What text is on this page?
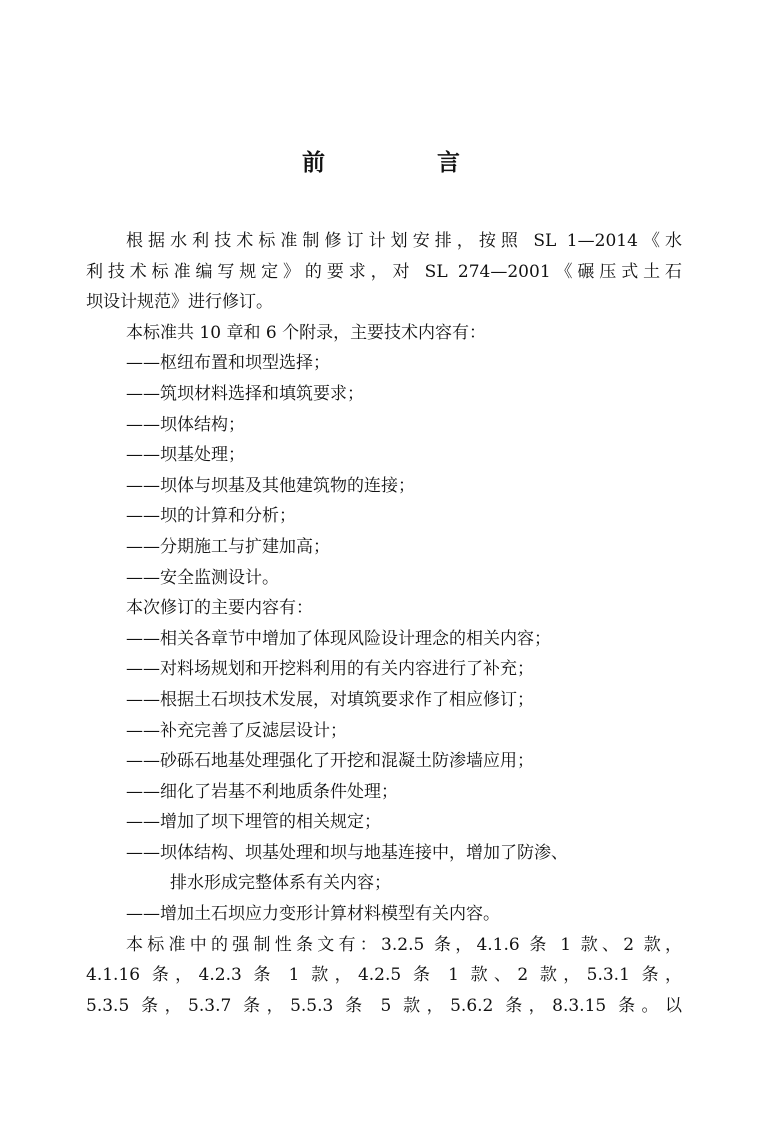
前 言
根据水利技术标准制修订计划安排，按照 SL 1—2014《水
利技术标准编写规定》的要求，对 SL 274—2001《碾压式土石
坝设计规范》进行修订。
本标准共 10 章和 6 个附录，主要技术内容有：
——枢纽布置和坝型选择；
——筑坝材料选择和填筑要求；
——坝体结构；
——坝基处理；
——坝体与坝基及其他建筑物的连接；
——坝的计算和分析；
——分期施工与扩建加高；
——安全监测设计。
本次修订的主要内容有：
——相关各章节中增加了体现风险设计理念的相关内容；
——对料场规划和开挖料利用的有关内容进行了补充；
——根据土石坝技术发展，对填筑要求作了相应修订；
——补充完善了反滤层设计；
——砂砾石地基处理强化了开挖和混凝土防渗墙应用；
——细化了岩基不利地质条件处理；
——增加了坝下埋管的相关规定；
——坝体结构、坝基处理和坝与地基连接中，增加了防渗、
排水形成完整体系有关内容；
——增加土石坝应力变形计算材料模型有关内容。
本标准中的强制性条文有：3.2.5 条，4.1.6 条 1 款、2 款，
4.1.16 条，4.2.3 条 1 款，4.2.5 条 1 款、2 款，5.3.1 条，
5.3.5 条，5.3.7 条，5.5.3 条 5 款，5.6.2 条，8.3.15 条。以
